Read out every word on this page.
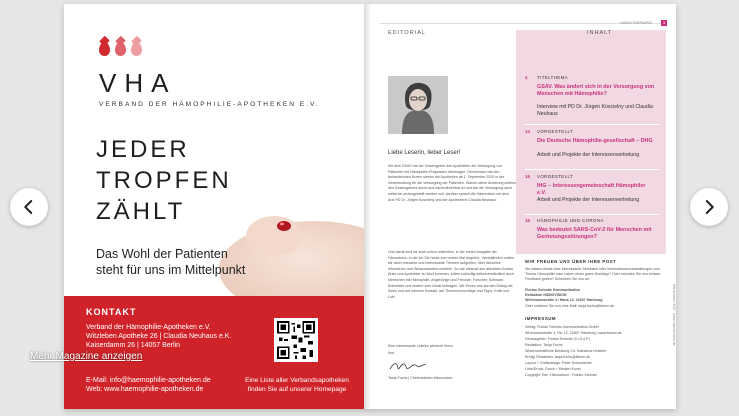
VHA
VERBAND DER HÄMOPHILIE-APOTHEKEN E.V.
JEDER
TROPFEN
ZÄHLT
Das Wohl der Patienten
steht für uns im Mittelpunkt
KONTAKT
Verband der Hämophilie-Apotheken e.V.
Witzleben Apotheke 26 | Claudia Neuhaus e.K.
Kaiserdamm 26 | 14057 Berlin
E-Mail: info@haemophilie-apotheken.de
Web: www.haemophilie-apotheken.de
Eine Liste aller Verbandsapotheken
finden Sie auf unserer Homepage
HÄMOTHERAPIE	3
EDITORIAL	INHALT
Liebe Leserin, lieber Leser!
Mit dem GSAV hat der Gesetzgeber den Apotheken die Versorgung von Patienten mit Hämophilie-Präparaten übertragen. Gemeinsam mit den behandelnden Ärzten stehen die Apotheken ab 1. September 2020 in der Verantwortung für die Versorgung der Patienten. Warum diese Änderung seitens des Gesetzgebers durch-aus nachvollziehbar ist und wie die Versorgung auch weiterhin sichergestellt werden soll, darüber sprach die Hämovision mit dem Arzt PD Dr. Jürgen Koscielny und der Apothekerin Claudia Neuhaus.
Und damit sind wir auch schon mittendrin, in der ersten Ausgabe der Hämovision, in der ich Sie heute zum ersten Mal begrüße. Vierteljährlich wollen wir darin relevante und interessante Themen aufgreifen, über Aktuelles informieren und Wissenswertes erklären. So wie diesmal aus aktuellem Anlass Ärzte und Apotheker zu Wort kommen, sollen zukünftig selbstverständlich auch Menschen mit Hämophilie, Angehörige und Freunde, Forscher, Software-Entwickler und andere zum Inhalt beitragen. Wir freuen uns auf den Dialog mit Ihnen und auf unseren Kontakt, auf Themenvorschläge und Tipps, Kritik und Lob!
Eine interessante Lektüre wünscht Ihnen
Ihre
Tanja Fuchs | Chefredaktion Hämovision
4 TITELTHEMA
GSAV. Was ändert sich in der Versorgung von Menschen mit Hämophilie?
Interview mit PD Dr. Jürgen Koscielny und Claudia Neuhaus
14 VORGESTELLT
Die Deutsche Hämophilie-gesellschaft – DHG
Arbeit und Projekte der Interessenvertretung
15 VORGESTELLT
IHG – Interessengemeinschaft Hämophiler e.V.
Arbeit und Projekte der Interessenvertretung
16 HÄMOPHILIE UND CORONA
Was bedeutet SARS-CoV-2 für Menschen mit Gerinnungsstörungen?
WIR FREUEN UNS ÜBER IHRE POST
Sie wissen etwas über interessante Seminare oder Informationsveranstaltungen zum Thema Hämophilie oder haben einen guten Buchtipp? Oder möchten Sie uns einfach Feedback geben? Schreiben Sie uns an:
Florian Schmitz Kommunikation
Redaktion HÄMOVISION
Wichmannstraße 4 / Haus 12, 22607 Hamburg
Oder schicken Sie uns eine Mail: tanja.fuchs@fskom.de
IMPRESSUM
Verlag: Florian Schmitz Kommunikation GmbH
Wichmannstraße 4, Ha. 12, 22607 Hamburg | www.fskom.de
Herausgeber: Florian Schmitz (V.i.S.d.P.)
Redaktion: Tanja Fuchs
Wissenschaftliche Beratung: Dr. Katharina Holstein
Erfolg! Redaktion: tanja.fuchs@fskom.de
Layout + Grafikdesign: Peter Schumacher
Lithe/Druck: Druck + Medien Kunst
Copyright Titel „Hämovision“: Frauke Schmitz
Hämovision 3/20 · www.haemovision.de
Mehr Magazine anzeigen
